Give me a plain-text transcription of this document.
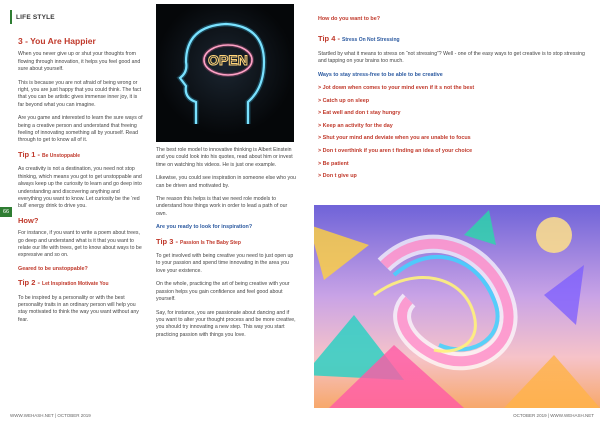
LIFE STYLE
66
3 - You Are Happier

When you never give up or shut your thoughts from flowing through innovation, it helps you feel good and sure about yourself.

This is because you are not afraid of being wrong or right, you are just happy that you could think. The fact that you can be artistic gives immense inner joy, it is far beyond what you can imagine.

Are you game and interested to learn the sure ways of being a creative person and understand that freeing feeling of innovating something all by yourself. Read through to get to know all of it.

Tip 1 - Be Unstoppable

As creativity is not a destination, you need not stop thinking, which means you got to get unstoppable and always keep up the curiosity to learn and go deep into understanding and discovering anything and everything you want to know. Let curiosity be the ‘red bull’ energy drink to drive you.

How?

For instance, if you want to write a poem about trees, go deep and understand what is it that you want to relate our life with trees, get to know about ways to be expressive and so on.

Geared to be unstoppable?
Tip 2 - Let Inspiration Motivate You

To be inspired by a personality or with the best personality traits in an ordinary person will help you stay motivated to think the way you want without any fear.

OPEN

The best role model to innovative thinking is Albert Einstein and you could look into his quotes, read about him or invest time on watching his videos. He is just one example.

Likewise, you could see inspiration in someone else who you can be driven and motivated by.

The reason this helps is that we need role models to understand how things work in order to lead a path of our own.

Are you ready to look for inspiration?
Tip 3 - Passion Is The Baby Step

To get involved with being creative you need to just open up to your passion and spend time innovating in the area you love your existence.

On the whole, practicing the art of being creative with your passion helps you gain confidence and feel good about yourself.

Say, for instance, you are passionate about dancing and if you want to alter your thought process and be more creative, you should try innovating a new step. This way you start practicing passion with things you love.

How do you want to be?
Tip 4 - Stress On Not Stressing

Startled by what it means to stress on “not stressing”? Well - one of the easy ways to get creative is to stop stressing and tapping on your brains too much.

Ways to stay stress-free to be able to be creative
> Jot down when comes to your mind even if it s not the best
> Catch up on sleep
> Eat well and don t stay hungry
> Keep an activity for the day
> Shut your mind and deviate when you are unable to focus
> Don t overthink if you aren t finding an idea of your choice
> Be patient
> Don t give up
WWW.WEHASH.NET | OCTOBER 2019	OCTOBER 2019 | WWW.WEHASH.NET
